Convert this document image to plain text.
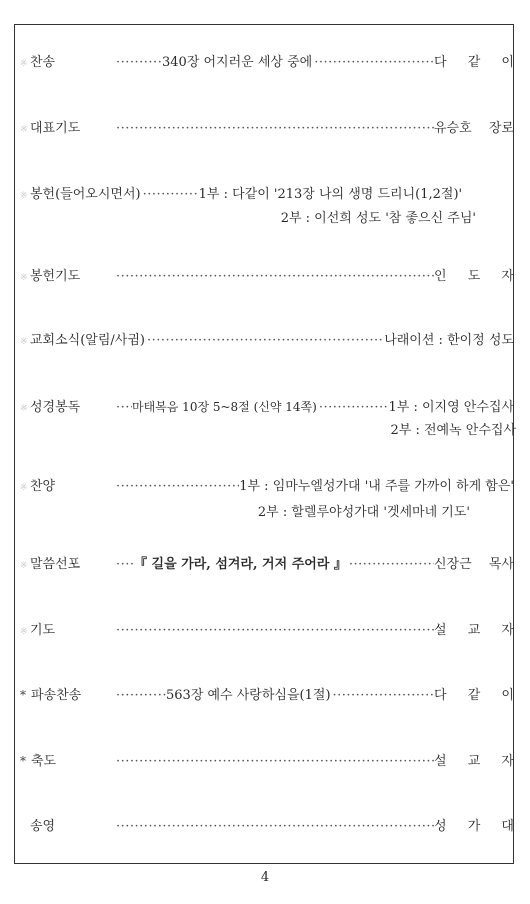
※ 찬송 ·····	340장 어지러운 세상 중에 ·····	다 같 이
※ 대표기도 ·····	유승호 장로
※ 봉헌(들어오시면서) ·····	1부 : 다같이 '213장 나의 생명 드리니(1,2절)'
2부 : 이선희 성도 '참 좋으신 주님'
※ 봉헌기도 ·····	인 도 자
※ 교회소식(알림/사귐) ·····	나래이션 : 한이정 성도
※ 성경봉독 ·····	마태복음 10장 5~8절 (신약 14쪽) ·····	1부 : 이지영 안수집사
2부 : 전예녹 안수집사
※ 찬양 ·····	1부 : 임마누엘성가대 '내 주를 가까이 하게 함은'
2부 : 할렐루야성가대 '겟세마네 기도'
※ 말씀선포 ·····	『 길을 가라, 섬겨라, 거저 주어라 』 ·····	신장근 목사
※ 기도 ·····	설 교 자
* 파송찬송 ·····	563장 예수 사랑하심을(1절) ·····	다 같 이
* 축도 ·····	설 교 자
송영 ·····	성 가 대
4
